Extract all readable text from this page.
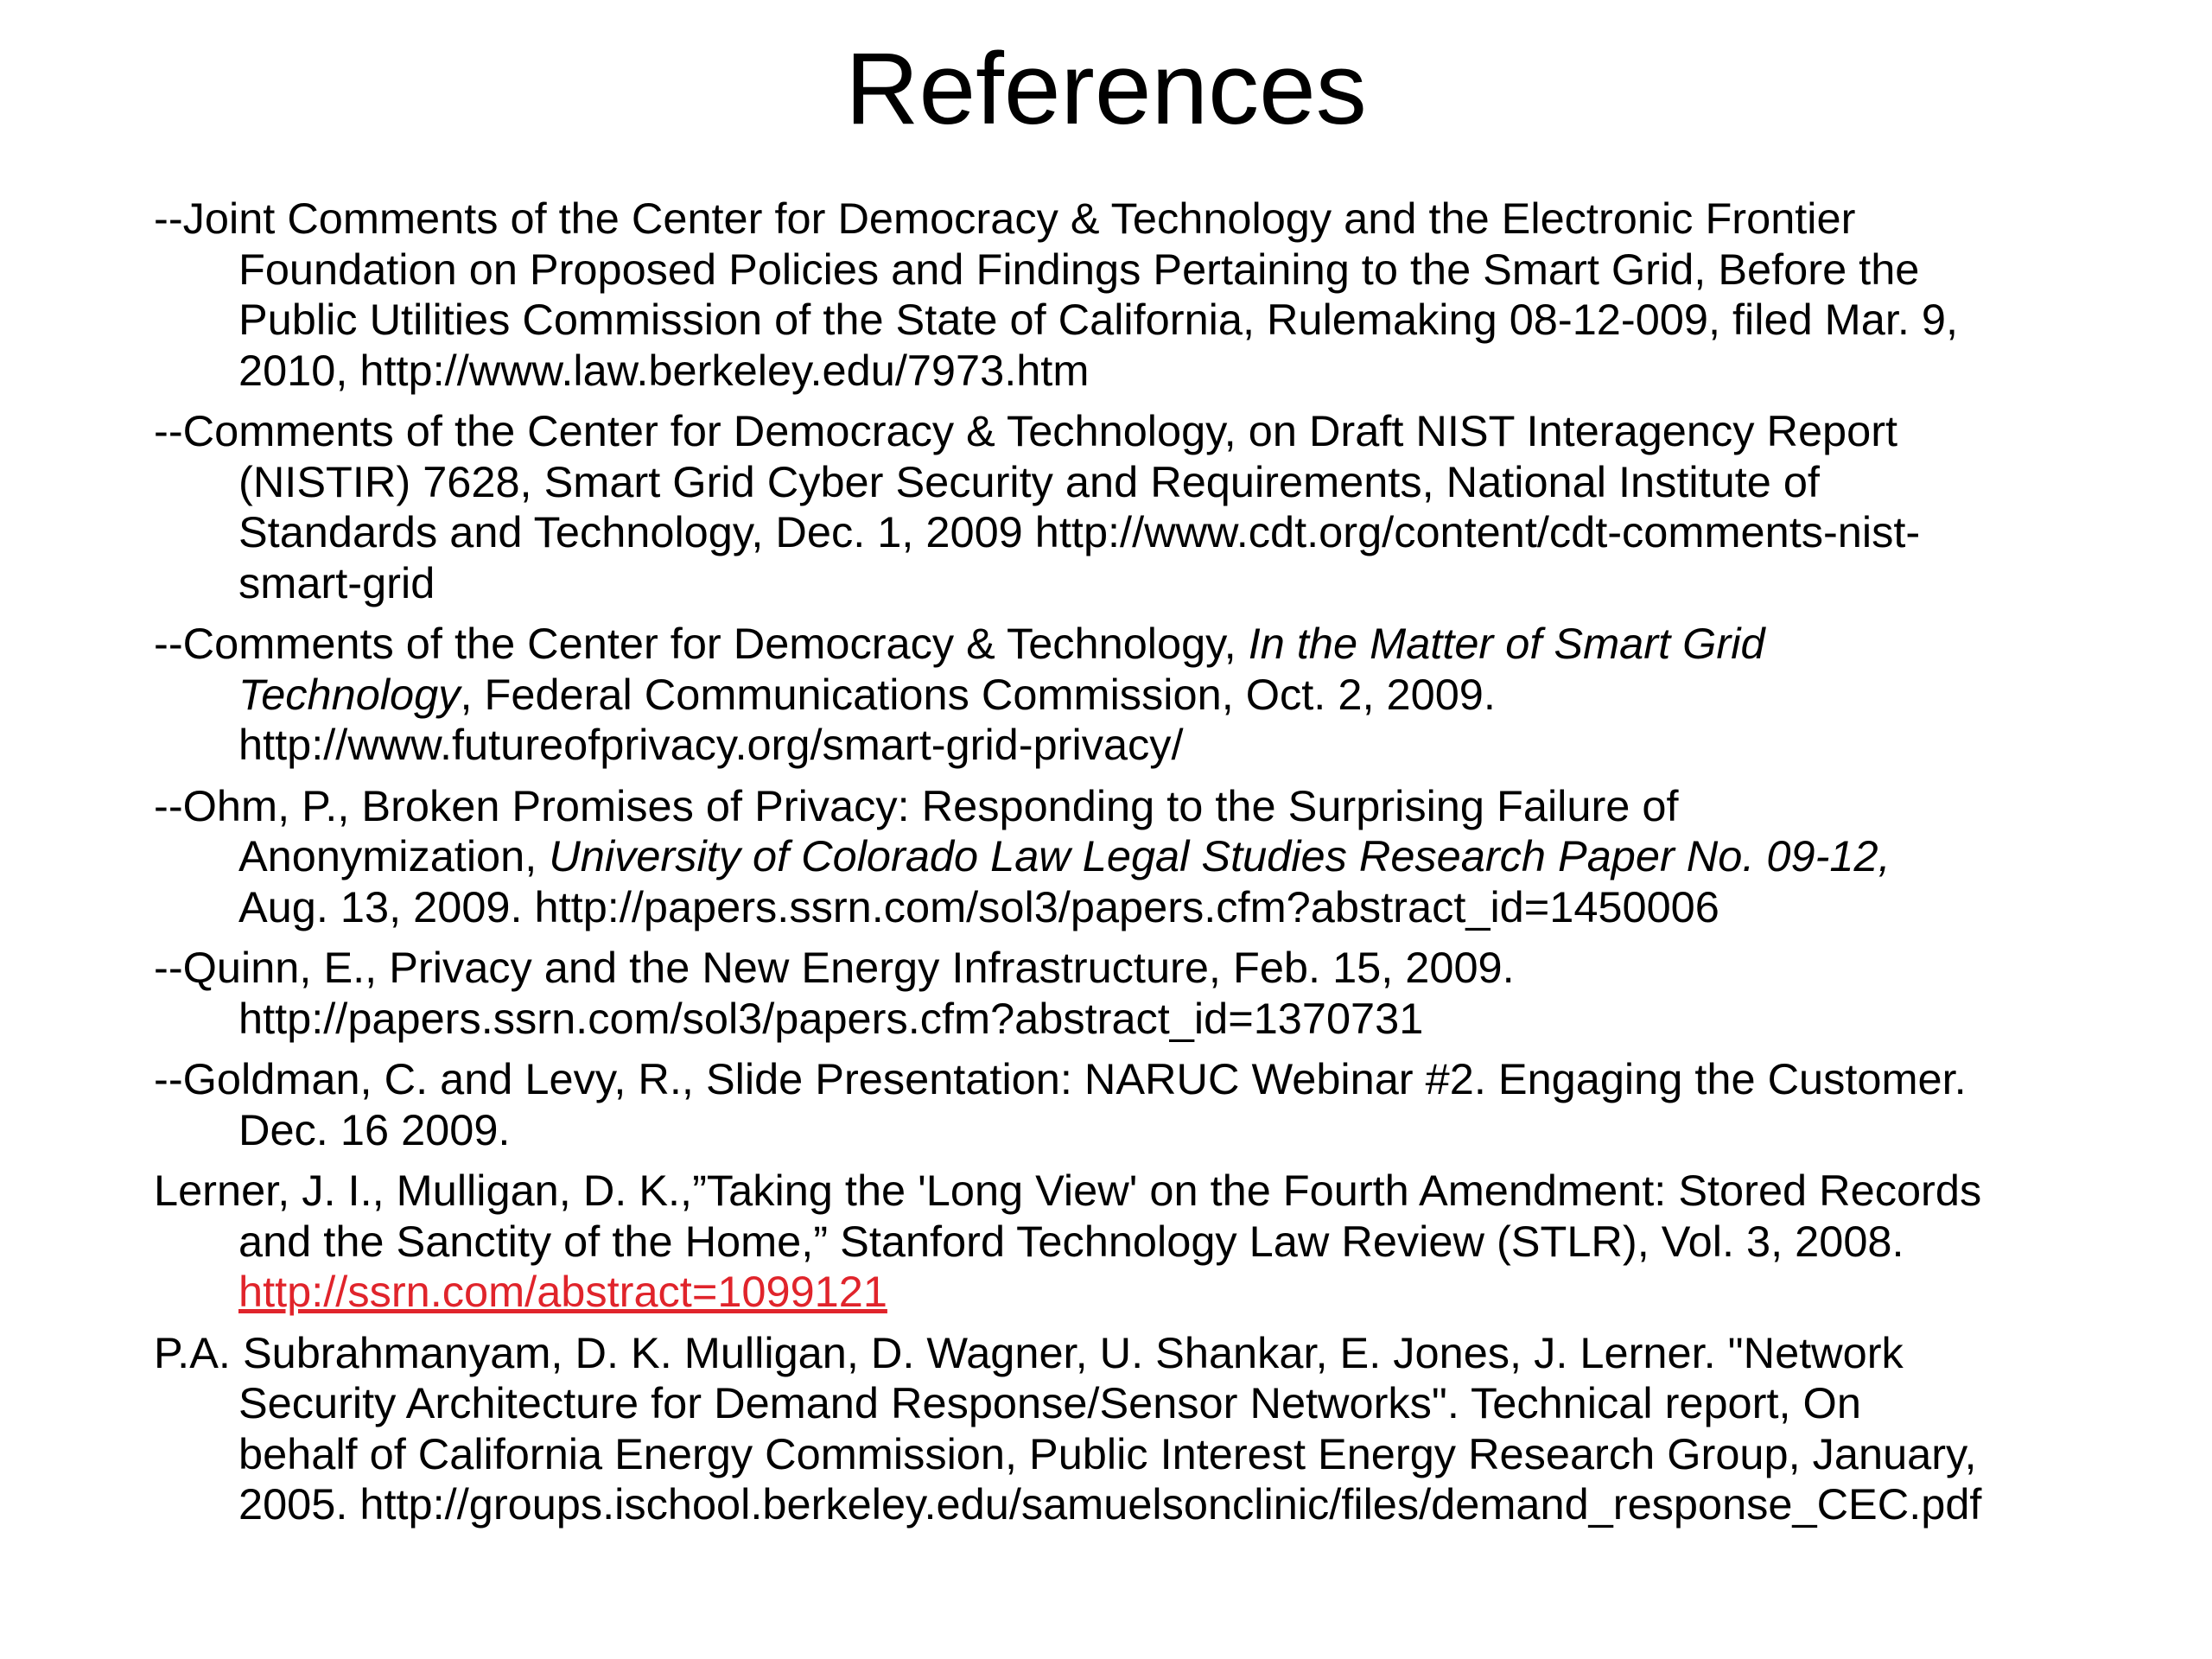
References

--Joint Comments of the Center for Democracy & Technology and the Electronic Frontier Foundation on Proposed Policies and Findings Pertaining to the Smart Grid, Before the Public Utilities Commission of the State of California, Rulemaking 08-12-009, filed Mar. 9, 2010, http://www.law.berkeley.edu/7973.htm

--Comments of the Center for Democracy & Technology, on Draft NIST Interagency Report (NISTIR) 7628, Smart Grid Cyber Security and Requirements, National Institute of Standards and Technology, Dec. 1, 2009 http://www.cdt.org/content/cdt-comments-nist-smart-grid

--Comments of the Center for Democracy & Technology, In the Matter of Smart Grid Technology, Federal Communications Commission, Oct. 2, 2009. http://www.futureofprivacy.org/smart-grid-privacy/

--Ohm, P., Broken Promises of Privacy: Responding to the Surprising Failure of Anonymization, University of Colorado Law Legal Studies Research Paper No. 09-12, Aug. 13, 2009. http://papers.ssrn.com/sol3/papers.cfm?abstract_id=1450006

--Quinn, E., Privacy and the New Energy Infrastructure, Feb. 15, 2009. http://papers.ssrn.com/sol3/papers.cfm?abstract_id=1370731

--Goldman, C. and Levy, R., Slide Presentation: NARUC Webinar #2. Engaging the Customer. Dec. 16 2009.

Lerner, J. I., Mulligan, D. K.,”Taking the 'Long View' on the Fourth Amendment: Stored Records and the Sanctity of the Home,” Stanford Technology Law Review (STLR), Vol. 3, 2008. http://ssrn.com/abstract=1099121

P.A. Subrahmanyam, D. K. Mulligan, D. Wagner, U. Shankar, E. Jones, J. Lerner. "Network Security Architecture for Demand Response/Sensor Networks". Technical report, On behalf of California Energy Commission, Public Interest Energy Research Group, January, 2005. http://groups.ischool.berkeley.edu/samuelsonclinic/files/demand_response_CEC.pdf
